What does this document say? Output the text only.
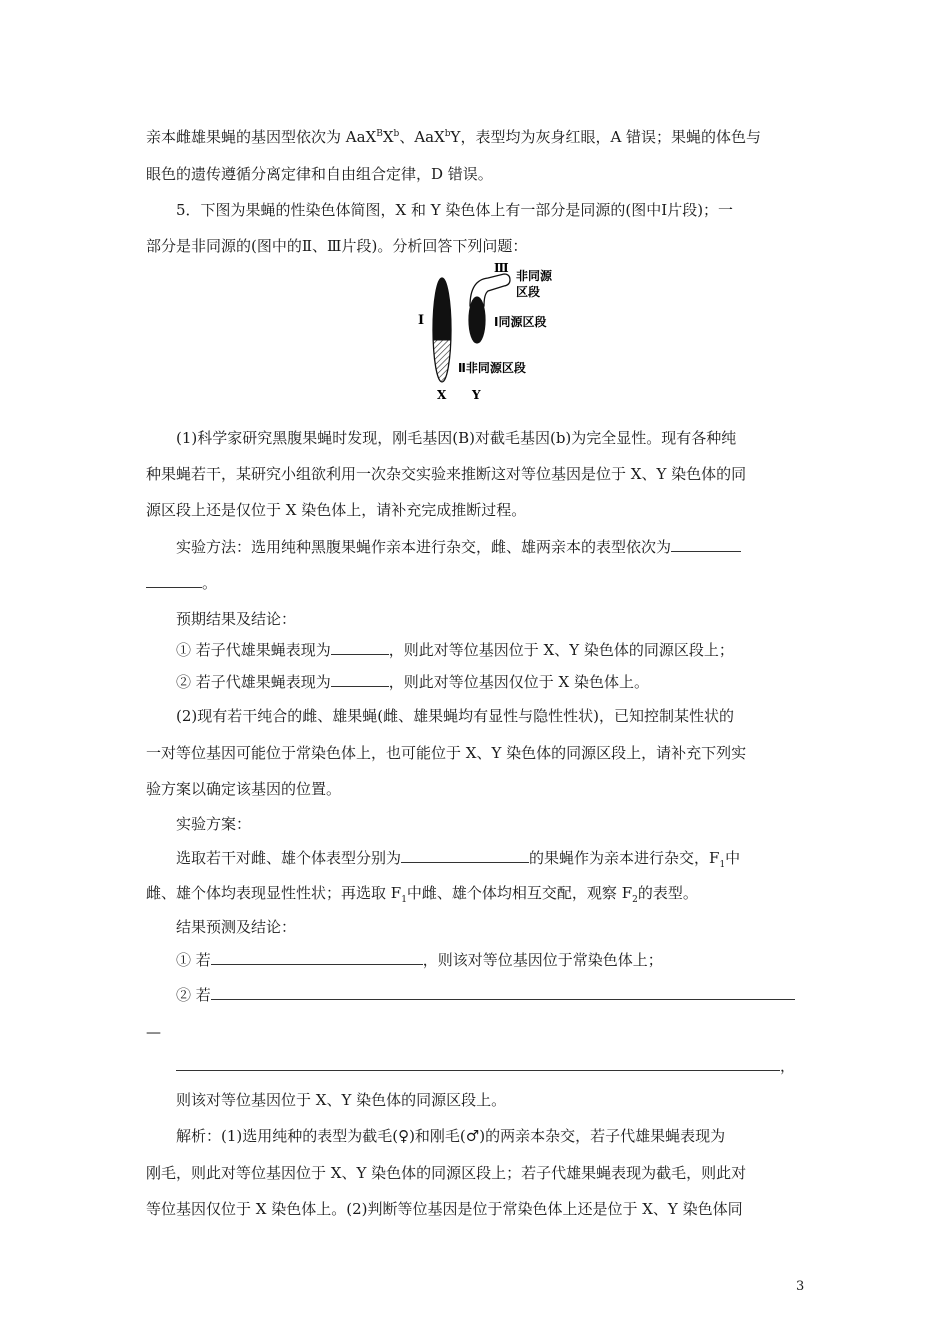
亲本雌雄果蝇的基因型依次为 $AaX^BX^b$、AaX$^b$Y，表型均为灰身红眼，A 错误；果蝇的体色与
眼色的遗传遵循分离定律和自由组合定律，D 错误。
5．下图为果蝇的性染色体简图，X 和 Y 染色体上有一部分是同源的(图中Ⅰ片段)；一
部分是非同源的(图中的Ⅱ、Ⅲ片段)。分析回答下列问题：
Ⅲ
非同源
区段
Ⅰ	Ⅰ同源区段
Ⅱ非同源区段
X Y
(1)科学家研究黑腹果蝇时发现，刚毛基因(B)对截毛基因(b)为完全显性。现有各种纯
种果蝇若干，某研究小组欲利用一次杂交实验来推断这对等位基因是位于 X、Y 染色体的同
源区段上还是仅位于 X 染色体上，请补充完成推断过程。
实验方法：选用纯种黑腹果蝇作亲本进行杂交，雌、雄两亲本的表型依次为
。
预期结果及结论：
① 若子代雄果蝇表现为	，则此对等位基因位于 X、Y 染色体的同源区段上；
② 若子代雄果蝇表现为	，则此对等位基因仅位于 X 染色体上。
(2)现有若干纯合的雌、雄果蝇(雌、雄果蝇均有显性与隐性性状)，已知控制某性状的
一对等位基因可能位于常染色体上，也可能位于 X、Y 染色体的同源区段上，请补充下列实
验方案以确定该基因的位置。
实验方案：
选取若干对雌、雄个体表型分别为	的果蝇作为亲本进行杂交，$F_1$中
雌、雄个体均表现显性性状；再选取 $F_1$中雌、雄个体均相互交配，观察 $F_2$的表型。
结果预测及结论：
① 若	，则该对等位基因位于常染色体上；
② 若
—
，
则该对等位基因位于 X、Y 染色体的同源区段上。
解析：(1)选用纯种的表型为截毛(♀)和刚毛(♂)的两亲本杂交，若子代雄果蝇表现为
刚毛，则此对等位基因位于 X、Y 染色体的同源区段上；若子代雄果蝇表现为截毛，则此对
等位基因仅位于 X 染色体上。(2)判断等位基因是位于常染色体上还是位于 X、Y 染色体同
3
